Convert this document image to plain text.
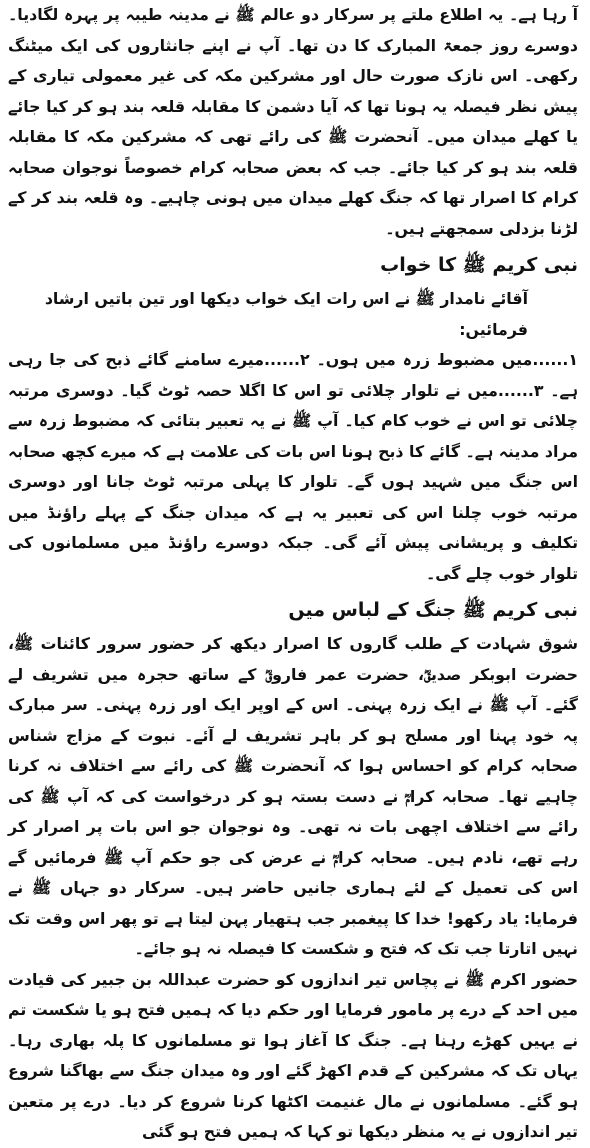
آ رہا ہے۔ یہ اطلاع ملتے پر سرکار دو عالم ﷺ نے مدینہ طیبہ پر پہرہ لگادیا۔ دوسرے روز جمعۃ المبارک کا دن تھا۔ آپ نے اپنے جانثاروں کی ایک میٹنگ رکھی۔ اس نازک صورت حال اور مشرکین مکہ کی غیر معمولی تیاری کے پیش نظر فیصلہ یہ ہونا تھا کہ آیا دشمن کا مقابلہ قلعہ بند ہو کر کیا جائے یا کھلے میدان میں۔ آنحضرت ﷺ کی رائے تھی کہ مشرکین مکہ کا مقابلہ قلعہ بند ہو کر کیا جائے۔ جب کہ بعض صحابہ کرام خصوصاً نوجوان صحابہ کرام کا اصرار تھا کہ جنگ کھلے میدان میں ہونی چاہیے۔ وہ قلعہ بند کر کے لڑنا بزدلی سمجھتے ہیں۔

نبی کریم ﷺ کا خواب

آقائے نامدار ﷺ نے اس رات ایک خواب دیکھا اور تین باتیں ارشاد فرمائیں:

۱......میں مضبوط زرہ میں ہوں۔ ۲......میرے سامنے گائے ذبح کی جا رہی ہے۔ ۳......میں نے تلوار چلائی تو اس کا اگلا حصہ ٹوٹ گیا۔ دوسری مرتبہ چلائی تو اس نے خوب کام کیا۔ آپ ﷺ نے یہ تعبیر بتائی کہ مضبوط زرہ سے مراد مدینہ ہے۔ گائے کا ذبح ہونا اس بات کی علامت ہے کہ میرے کچھ صحابہ اس جنگ میں شہید ہوں گے۔ تلوار کا پہلی مرتبہ ٹوٹ جانا اور دوسری مرتبہ خوب چلنا اس کی تعبیر یہ ہے کہ میدان جنگ کے پہلے راؤنڈ میں تکلیف و پریشانی پیش آئے گی۔ جبکہ دوسرے راؤنڈ میں مسلمانوں کی تلوار خوب چلے گی۔

نبی کریم ﷺ جنگ کے لباس میں

شوق شہادت کے طلب گاروں کا اصرار دیکھ کر حضور سرور کائنات ﷺ، حضرت ابوبکر صدیقؓ، حضرت عمر فاروقؓ کے ساتھ حجرہ میں تشریف لے گئے۔ آپ ﷺ نے ایک زرہ پہنی۔ اس کے اوپر ایک اور زرہ پہنی۔ سر مبارک پہ خود پہنا اور مسلح ہو کر باہر تشریف لے آئے۔ نبوت کے مزاج شناس صحابہ کرام کو احساس ہوا کہ آنحضرت ﷺ کی رائے سے اختلاف نہ کرنا چاہیے تھا۔ صحابہ کرامؓ نے دست بستہ ہو کر درخواست کی کہ آپ ﷺ کی رائے سے اختلاف اچھی بات نہ تھی۔ وہ نوجوان جو اس بات پر اصرار کر رہے تھے، نادم ہیں۔ صحابہ کرامؓ نے عرض کی جو حکم آپ ﷺ فرمائیں گے اس کی تعمیل کے لئے ہماری جانیں حاضر ہیں۔ سرکار دو جہاں ﷺ نے فرمایا: یاد رکھو! خدا کا پیغمبر جب ہتھیار پہن لیتا ہے تو پھر اس وقت تک نہیں اتارتا جب تک کہ فتح و شکست کا فیصلہ نہ ہو جائے۔

حضور اکرم ﷺ نے پچاس تیر اندازوں کو حضرت عبداللہ بن جبیر کی قیادت میں احد کے درے پر مامور فرمایا اور حکم دیا کہ ہمیں فتح ہو یا شکست تم نے یہیں کھڑے رہنا ہے۔ جنگ کا آغاز ہوا تو مسلمانوں کا پلہ بھاری رہا۔ یہاں تک کہ مشرکین کے قدم اکھڑ گئے اور وہ میدان جنگ سے بھاگنا شروع ہو گئے۔ مسلمانوں نے مال غنیمت اکٹھا کرنا شروع کر دیا۔ درے پر متعین تیر اندازوں نے یہ منظر دیکھا تو کہا کہ ہمیں فتح ہو گئی
